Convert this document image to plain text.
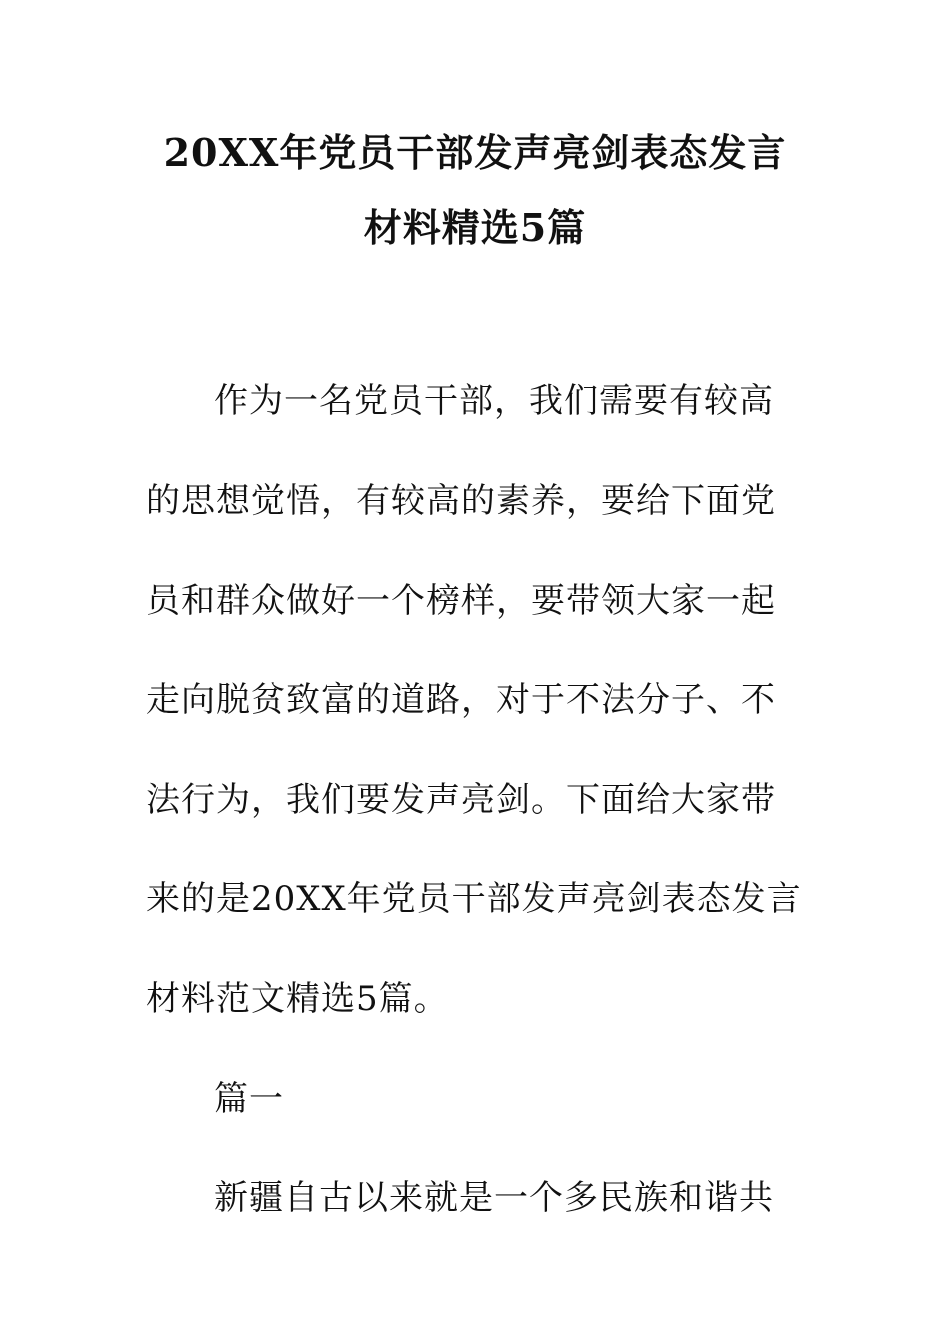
20XX年党员干部发声亮剑表态发言
材料精选5篇
作为一名党员干部，我们需要有较高
的思想觉悟，有较高的素养，要给下面党
员和群众做好一个榜样，要带领大家一起
走向脱贫致富的道路，对于不法分子、不
法行为，我们要发声亮剑。下面给大家带
来的是20XX年党员干部发声亮剑表态发言
材料范文精选5篇。
篇一
新疆自古以来就是一个多民族和谐共
